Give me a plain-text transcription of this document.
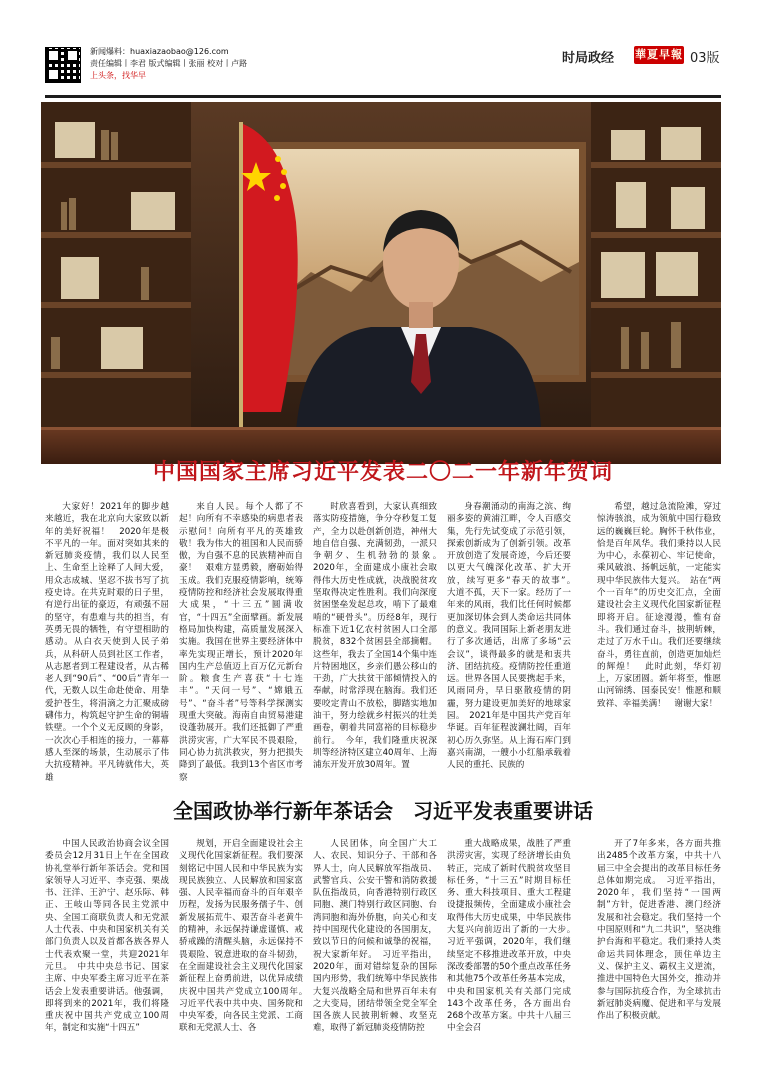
新闻爆料：huaxiazaobao@126.com
责任编辑丨李君 版式编辑丨张丽 校对丨卢路
上头条，找华早
时局政经 華夏早報 03版
中国国家主席习近平发表二〇二一年新年贺词

大家好！2021年的脚步越来越近，我在北京向大家致以新年的美好祝福！　2020年是极不平凡的一年。面对突如其来的新冠肺炎疫情，我们以人民至上、生命至上诠释了人间大爱，用众志成城、坚忍不拔书写了抗疫史诗。在共克时艰的日子里，有逆行出征的豪迈，有顽强不屈的坚守，有患难与共的担当，有英勇无畏的牺牲，有守望相助的感动。从白衣天使到人民子弟兵，从科研人员到社区工作者，从志愿者到工程建设者，从古稀老人到“90后”、“00后”青年一代，无数人以生命赴使命、用挚爱护苍生，将涓滴之力汇聚成磅礴伟力，构筑起守护生命的铜墙铁壁。一个个义无反顾的身影，一次次心手相连的接力，一幕幕感人至深的场景，生动展示了伟大抗疫精神。平凡铸就伟大，英雄

来自人民。每个人都了不起！向所有不幸感染的病患者表示慰问！向所有平凡的英雄致敬！我为伟大的祖国和人民而骄傲，为自强不息的民族精神而自豪！　艰难方显勇毅，磨砺始得玉成。我们克服疫情影响，统筹疫情防控和经济社会发展取得重大成果，“十三五”圆满收官，“十四五”全面擘画。新发展格局加快构建，高质量发展深入实施。我国在世界主要经济体中率先实现正增长，预计2020年国内生产总值迈上百万亿元新台阶。粮食生产喜获“十七连丰”。“天问一号”、“嫦娥五号”、“奋斗者”号等科学探测实现重大突破。海南自由贸易港建设蓬勃展开。我们还抵御了严重洪涝灾害，广大军民不畏艰险，同心协力抗洪救灾，努力把损失降到了最低。我到13个省区市考察

时欣喜看到，大家认真细致落实防疫措施，争分夺秒复工复产，全力以赴创新创造，神州大地自信自强、充满韧劲，一派只争朝夕、生机勃勃的景象。　2020年，全面建成小康社会取得伟大历史性成就，决战脱贫攻坚取得决定性胜利。我们向深度贫困堡垒发起总攻，啃下了最难啃的“硬骨头”。历经8年，现行标准下近1亿农村贫困人口全部脱贫，832个贫困县全部摘帽。这些年，我去了全国14个集中连片特困地区，乡亲们愚公移山的干劲，广大扶贫干部倾情投入的奉献，时常浮现在脑海。我们还要咬定青山不放松，脚踏实地加油干，努力绘就乡村振兴的壮美画卷，朝着共同富裕的目标稳步前行。　今年，我们隆重庆祝深圳等经济特区建立40周年、上海浦东开发开放30周年。置

身春潮涌动的南海之滨、绚丽多姿的黄浦江畔，令人百感交集，先行先试变成了示范引领，探索创新成为了创新引领。改革开放创造了发展奇迹，今后还要以更大气魄深化改革、扩大开放，续写更多“春天的故事”。　大道不孤，天下一家。经历了一年来的风雨，我们比任何时候都更加深切体会到人类命运共同体的意义。我同国际上新老朋友进行了多次通话，出席了多场“云会议”，谈得最多的就是和衷共济、团结抗疫。疫情防控任重道远。世界各国人民要携起手来，风雨同舟，早日驱散疫情的阴霾，努力建设更加美好的地球家园。　2021年是中国共产党百年华诞。百年征程波澜壮阔，百年初心历久弥坚。从上海石库门到嘉兴南湖，一艘小小红船承载着人民的重托、民族的

希望，越过急流险滩，穿过惊涛骇浪，成为领航中国行稳致远的巍巍巨轮。胸怀千秋伟业，恰是百年风华。我们秉持以人民为中心，永葆初心、牢记使命，乘风破浪、扬帆远航，一定能实现中华民族伟大复兴。　站在“两个一百年”的历史交汇点，全面建设社会主义现代化国家新征程即将开启。征途漫漫，惟有奋斗。我们通过奋斗，披荆斩棘，走过了万水千山。我们还要继续奋斗，勇往直前，创造更加灿烂的辉煌！　此时此刻，华灯初上，万家团圆。新年将至，惟愿山河锦绣、国泰民安！惟愿和顺致祥、幸福美满！　谢谢大家！

全国政协举行新年茶话会　习近平发表重要讲话

中国人民政治协商会议全国委员会12月31日上午在全国政协礼堂举行新年茶话会。党和国家领导人习近平、李克强、栗战书、汪洋、王沪宁、赵乐际、韩正、王岐山等同各民主党派中央、全国工商联负责人和无党派人士代表、中央和国家机关有关部门负责人以及首都各族各界人士代表欢聚一堂，共迎2021年元旦。　中共中央总书记、国家主席、中央军委主席习近平在茶话会上发表重要讲话。他强调，即将到来的2021年，我们将隆重庆祝中国共产党成立100周年，制定和实施“十四五”

规划，开启全面建设社会主义现代化国家新征程。我们要深刻铭记中国人民和中华民族为实现民族独立、人民解放和国家富强、人民幸福而奋斗的百年艰辛历程，发扬为民服务孺子牛、创新发展拓荒牛、艰苦奋斗老黄牛的精神，永远保持谦虚谨慎、戒骄戒躁的清醒头脑，永远保持不畏艰险、锐意进取的奋斗韧劲，在全面建设社会主义现代化国家新征程上奋勇前进，以优异成绩庆祝中国共产党成立100周年。　习近平代表中共中央、国务院和中央军委，向各民主党派、工商联和无党派人士、各

人民团体，向全国广大工人、农民、知识分子、干部和各界人士，向人民解放军指战员、武警官兵、公安干警和消防救援队伍指战员，向香港特别行政区同胞、澳门特别行政区同胞、台湾同胞和海外侨胞，向关心和支持中国现代化建设的各国朋友，致以节日的问候和诚挚的祝福，祝大家新年好。　习近平指出，2020年，面对错综复杂的国际国内形势，我们统筹中华民族伟大复兴战略全局和世界百年未有之大变局，团结带领全党全军全国各族人民披荆斩棘、攻坚克难，取得了新冠肺炎疫情防控

重大战略成果，战胜了严重洪涝灾害，实现了经济增长由负转正，完成了新时代脱贫攻坚目标任务，“十三五”时期目标任务、重大科技项目、重大工程建设捷报频传，全面建成小康社会取得伟大历史成果，中华民族伟大复兴向前迈出了新的一大步。　习近平强调，2020年，我们继续坚定不移推进改革开放，中央深改委部署的50个重点改革任务和其他75个改革任务基本完成，中央和国家机关有关部门完成143个改革任务，各方面出台268个改革方案。中共十八届三中全会召

开了7年多来，各方面共推出2485个改革方案，中共十八届三中全会提出的改革目标任务总体如期完成。　习近平指出，2020年，我们坚持“一国两制”方针，促进香港、澳门经济发展和社会稳定。我们坚持一个中国原则和“九二共识”，坚决维护台海和平稳定。我们秉持人类命运共同体理念，顶住单边主义、保护主义、霸权主义逆流，推进中国特色大国外交，推动并参与国际抗疫合作，为全球抗击新冠肺炎病魔、促进和平与发展作出了积极贡献。
